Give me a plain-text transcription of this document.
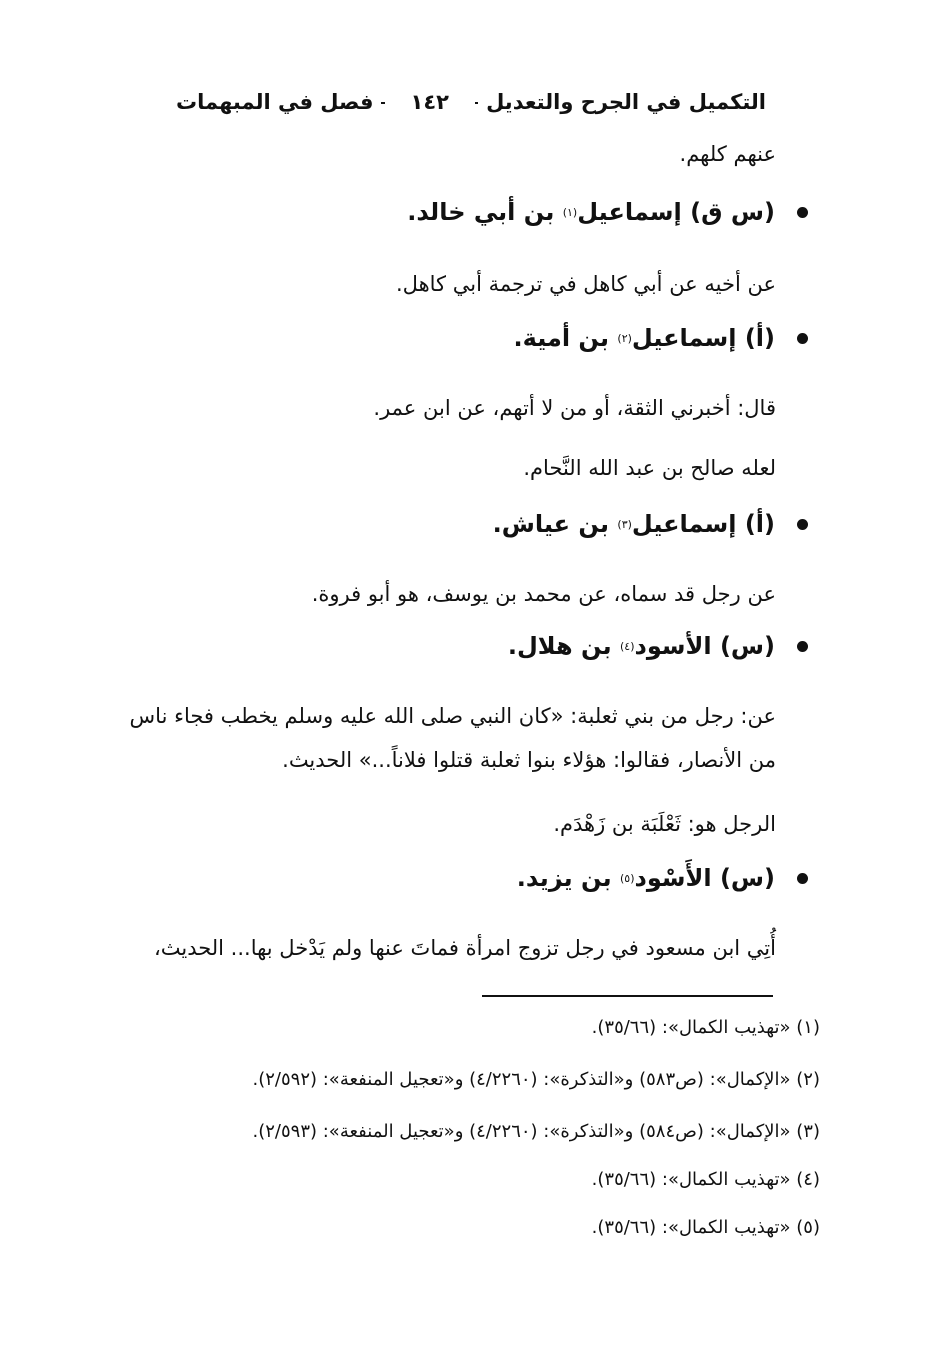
التكميل في الجرح والتعديل
١٤٢
فصل في المبهمات
عنهم كلهم.
(س ق)

إسماعيل
(١)

بن أبي خالد.
عن أخيه عن أبي كاهل في ترجمة أبي كاهل.
(أ)

إسماعيل
(٢)

بن أمية.
قال: أخبرني الثقة، أو من لا أتهم، عن ابن عمر.
لعله صالح بن عبد الله النَّحام.
(أ)

إسماعيل
(٣)

بن عياش.
عن رجل قد سماه، عن محمد بن يوسف، هو أبو فروة.
(س)

الأسود
(٤)

بن هلال.
عن: رجل من بني ثعلبة: «كان النبي صلى الله عليه وسلم يخطب فجاء ناس من الأنصار، فقالوا: هؤلاء بنوا ثعلبة قتلوا فلاناً...» الحديث.
الرجل هو: ثَعْلَبَة بن زَهْدَم.
(س)

الأَسْود
(٥)

بن يزيد.
أُتِي ابن مسعود في رجل تزوج امرأة فماتَ عنها ولم يَدْخل بها... الحديث،
(١) «تهذيب الكمال»: (٣٥/٦٦).
(٢) «الإكمال»: (ص٥٨٣) و«التذكرة»: (٤/٢٢٦٠) و«تعجيل المنفعة»: (٢/٥٩٢).
(٣) «الإكمال»: (ص٥٨٤) و«التذكرة»: (٤/٢٢٦٠) و«تعجيل المنفعة»: (٢/٥٩٣).
(٤) «تهذيب الكمال»: (٣٥/٦٦).
(٥) «تهذيب الكمال»: (٣٥/٦٦).
